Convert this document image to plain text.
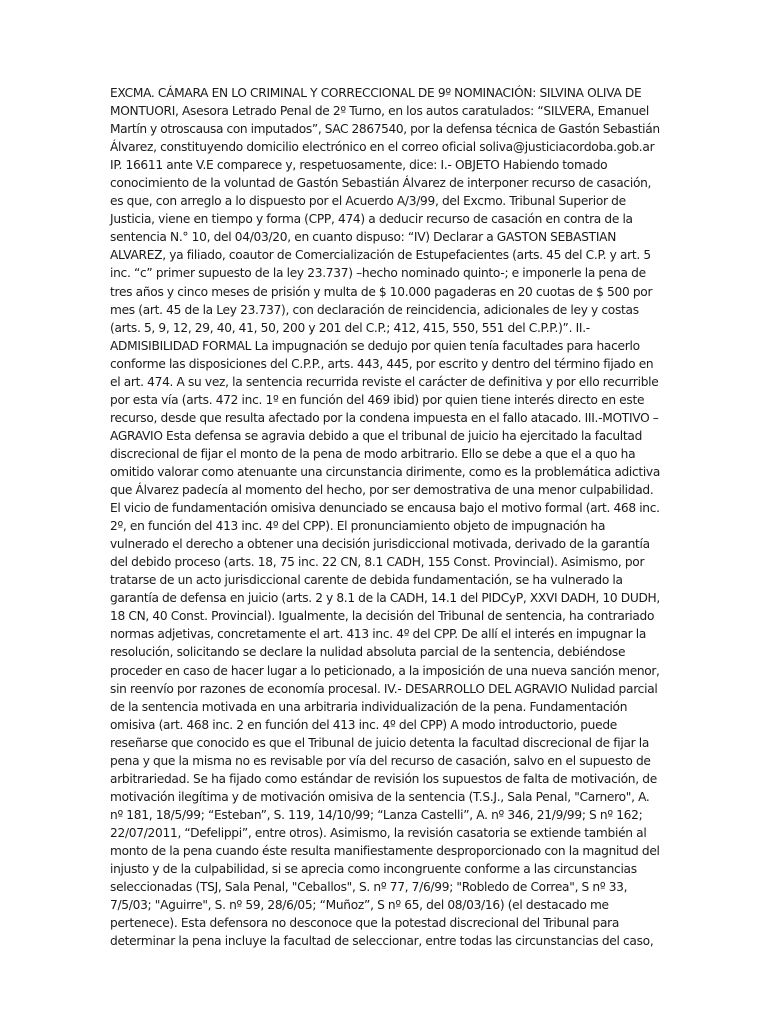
EXCMA. CÁMARA EN LO CRIMINAL Y CORRECCIONAL DE 9º NOMINACIÓN: SILVINA OLIVA DE
MONTUORI, Asesora Letrado Penal de 2º Turno, en los autos caratulados: “SILVERA, Emanuel
Martín y otroscausa con imputados”, SAC 2867540, por la defensa técnica de Gastón Sebastián
Álvarez, constituyendo domicilio electrónico en el correo oficial soliva@justiciacordoba.gob.ar
IP. 16611 ante V.E comparece y, respetuosamente, dice: I.- OBJETO Habiendo tomado
conocimiento de la voluntad de Gastón Sebastián Álvarez de interponer recurso de casación,
es que, con arreglo a lo dispuesto por el Acuerdo A/3/99, del Excmo. Tribunal Superior de
Justicia, viene en tiempo y forma (CPP, 474) a deducir recurso de casación en contra de la
sentencia N.° 10, del 04/03/20, en cuanto dispuso: “IV) Declarar a GASTON SEBASTIAN
ALVAREZ, ya filiado, coautor de Comercialización de Estupefacientes (arts. 45 del C.P. y art. 5
inc. “c” primer supuesto de la ley 23.737) –hecho nominado quinto-; e imponerle la pena de
tres años y cinco meses de prisión y multa de $ 10.000 pagaderas en 20 cuotas de $ 500 por
mes (art. 45 de la Ley 23.737), con declaración de reincidencia, adicionales de ley y costas
(arts. 5, 9, 12, 29, 40, 41, 50, 200 y 201 del C.P.; 412, 415, 550, 551 del C.P.P.)”. II.-
ADMISIBILIDAD FORMAL La impugnación se dedujo por quien tenía facultades para hacerlo
conforme las disposiciones del C.P.P., arts. 443, 445, por escrito y dentro del término fijado en
el art. 474. A su vez, la sentencia recurrida reviste el carácter de definitiva y por ello recurrible
por esta vía (arts. 472 inc. 1º en función del 469 ibid) por quien tiene interés directo en este
recurso, desde que resulta afectado por la condena impuesta en el fallo atacado. III.-MOTIVO –
AGRAVIO Esta defensa se agravia debido a que el tribunal de juicio ha ejercitado la facultad
discrecional de fijar el monto de la pena de modo arbitrario. Ello se debe a que el a quo ha
omitido valorar como atenuante una circunstancia dirimente, como es la problemática adictiva
que Álvarez padecía al momento del hecho, por ser demostrativa de una menor culpabilidad.
El vicio de fundamentación omisiva denunciado se encausa bajo el motivo formal (art. 468 inc.
2º, en función del 413 inc. 4º del CPP). El pronunciamiento objeto de impugnación ha
vulnerado el derecho a obtener una decisión jurisdiccional motivada, derivado de la garantía
del debido proceso (arts. 18, 75 inc. 22 CN, 8.1 CADH, 155 Const. Provincial). Asimismo, por
tratarse de un acto jurisdiccional carente de debida fundamentación, se ha vulnerado la
garantía de defensa en juicio (arts. 2 y 8.1 de la CADH, 14.1 del PIDCyP, XXVI DADH, 10 DUDH,
18 CN, 40 Const. Provincial). Igualmente, la decisión del Tribunal de sentencia, ha contrariado
normas adjetivas, concretamente el art. 413 inc. 4º del CPP. De allí el interés en impugnar la
resolución, solicitando se declare la nulidad absoluta parcial de la sentencia, debiéndose
proceder en caso de hacer lugar a lo peticionado, a la imposición de una nueva sanción menor,
sin reenvío por razones de economía procesal. IV.- DESARROLLO DEL AGRAVIO Nulidad parcial
de la sentencia motivada en una arbitraria individualización de la pena. Fundamentación
omisiva (art. 468 inc. 2 en función del 413 inc. 4º del CPP) A modo introductorio, puede
reseñarse que conocido es que el Tribunal de juicio detenta la facultad discrecional de fijar la
pena y que la misma no es revisable por vía del recurso de casación, salvo en el supuesto de
arbitrariedad. Se ha fijado como estándar de revisión los supuestos de falta de motivación, de
motivación ilegítima y de motivación omisiva de la sentencia (T.S.J., Sala Penal, "Carnero", A.
nº 181, 18/5/99; “Esteban”, S. 119, 14/10/99; “Lanza Castelli”, A. nº 346, 21/9/99; S nº 162;
22/07/2011, “Defelippi”, entre otros). Asimismo, la revisión casatoria se extiende también al
monto de la pena cuando éste resulta manifiestamente desproporcionado con la magnitud del
injusto y de la culpabilidad, si se aprecia como incongruente conforme a las circunstancias
seleccionadas (TSJ, Sala Penal, "Ceballos", S. nº 77, 7/6/99; "Robledo de Correa", S nº 33,
7/5/03; "Aguirre", S. nº 59, 28/6/05; “Muñoz”, S nº 65, del 08/03/16) (el destacado me
pertenece). Esta defensora no desconoce que la potestad discrecional del Tribunal para
determinar la pena incluye la facultad de seleccionar, entre todas las circunstancias del caso,
